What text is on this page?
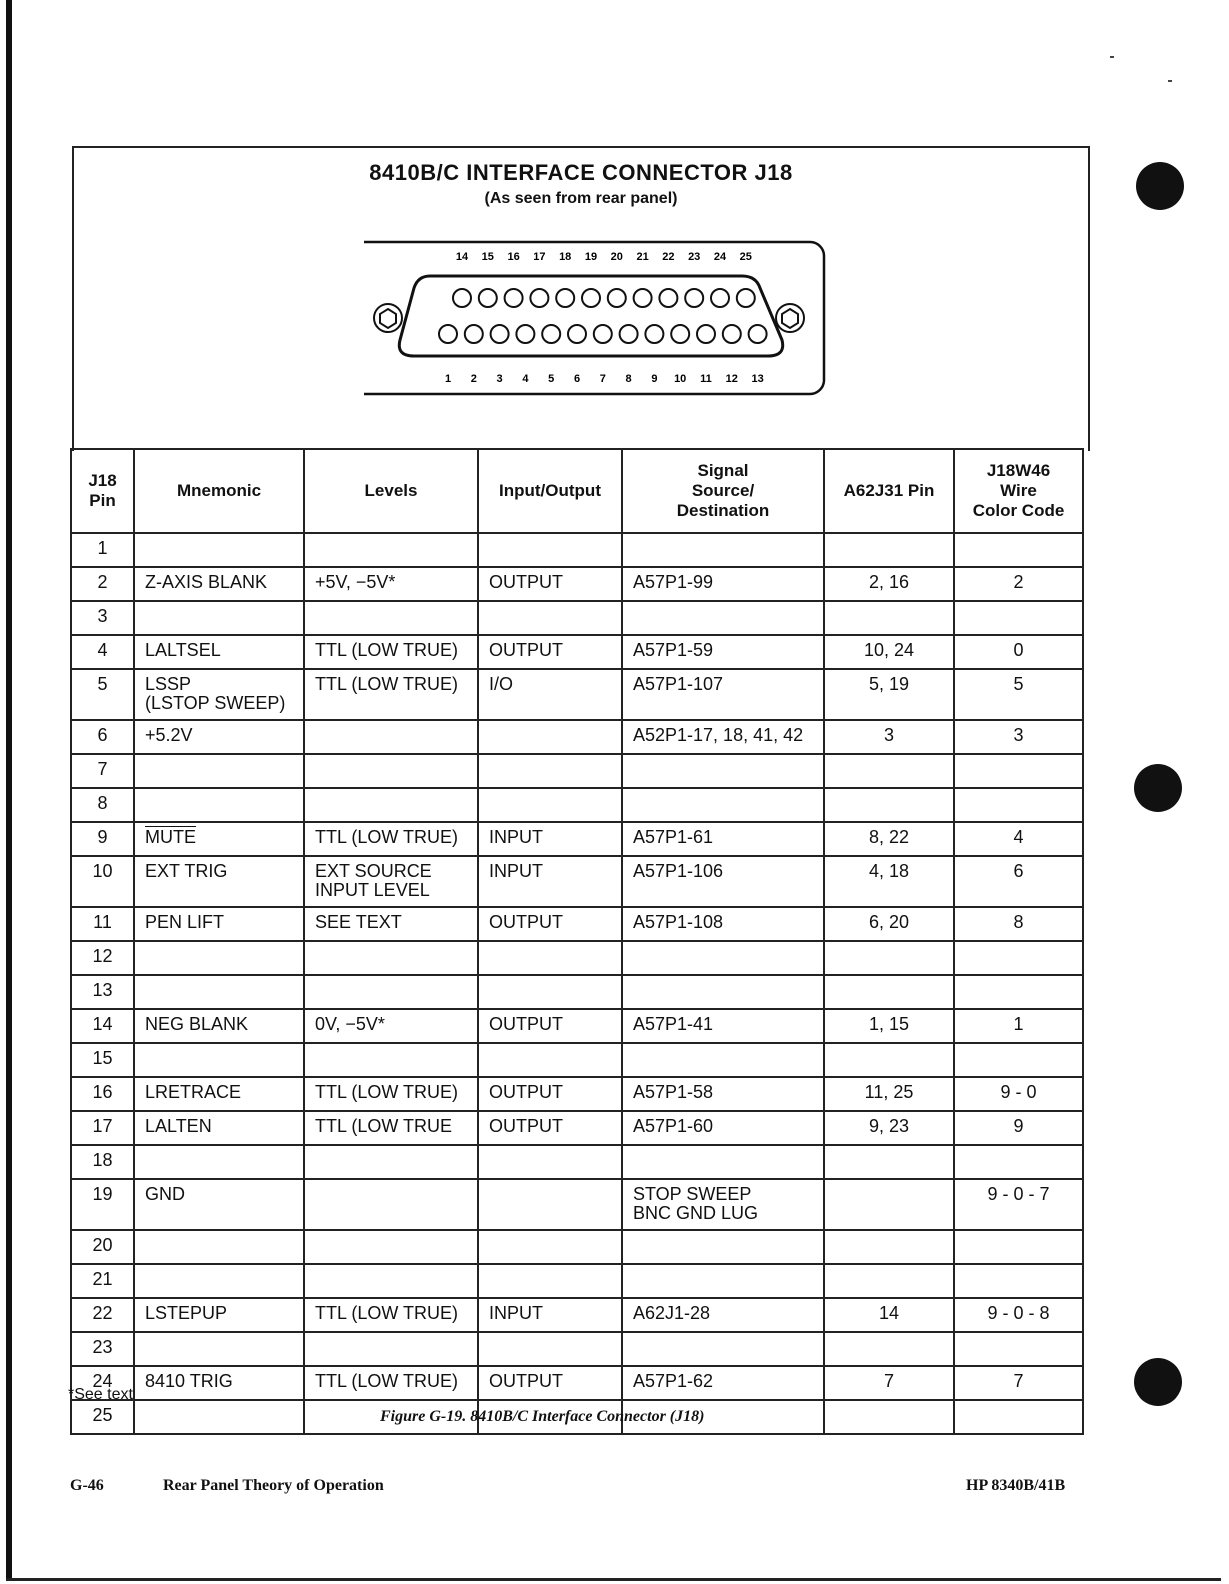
8410B/C INTERFACE CONNECTOR J18
(As seen from rear panel)
14 15 16 17 18 19 20 21 22 23 24 25
1 2 3 4 5 6 7 8 9 10 11 12 13
J18
Pin	Mnemonic	Levels	Input/Output	Signal
Source/
Destination	A62J31 Pin	J18W46
Wire
Color Code
1						
2	Z-AXIS BLANK	+5V, −5V*	OUTPUT	A57P1-99	2, 16	2
3						
4	LALTSEL	TTL (LOW TRUE)	OUTPUT	A57P1-59	10, 24	0
5	LSSP
(LSTOP SWEEP)	TTL (LOW TRUE)	I/O	A57P1-107	5, 19	5
6	+5.2V			A52P1-17, 18, 41, 42	3	3
7						
8						
9	MUTE	TTL (LOW TRUE)	INPUT	A57P1-61	8, 22	4
10	EXT TRIG	EXT SOURCE
INPUT LEVEL	INPUT	A57P1-106	4, 18	6
11	PEN LIFT	SEE TEXT	OUTPUT	A57P1-108	6, 20	8
12						
13						
14	NEG BLANK	0V, −5V*	OUTPUT	A57P1-41	1, 15	1
15						
16	LRETRACE	TTL (LOW TRUE)	OUTPUT	A57P1-58	11, 25	9 - 0
17	LALTEN	TTL (LOW TRUE	OUTPUT	A57P1-60	9, 23	9
18						
19	GND			STOP SWEEP
BNC GND LUG		9 - 0 - 7
20						
21						
22	LSTEPUP	TTL (LOW TRUE)	INPUT	A62J1-28	14	9 - 0 - 8
23						
24	8410 TRIG	TTL (LOW TRUE)	OUTPUT	A57P1-62	7	7
25						
*See text
Figure G-19. 8410B/C Interface Connector (J18)
G-46	Rear Panel Theory of Operation	HP 8340B/41B
